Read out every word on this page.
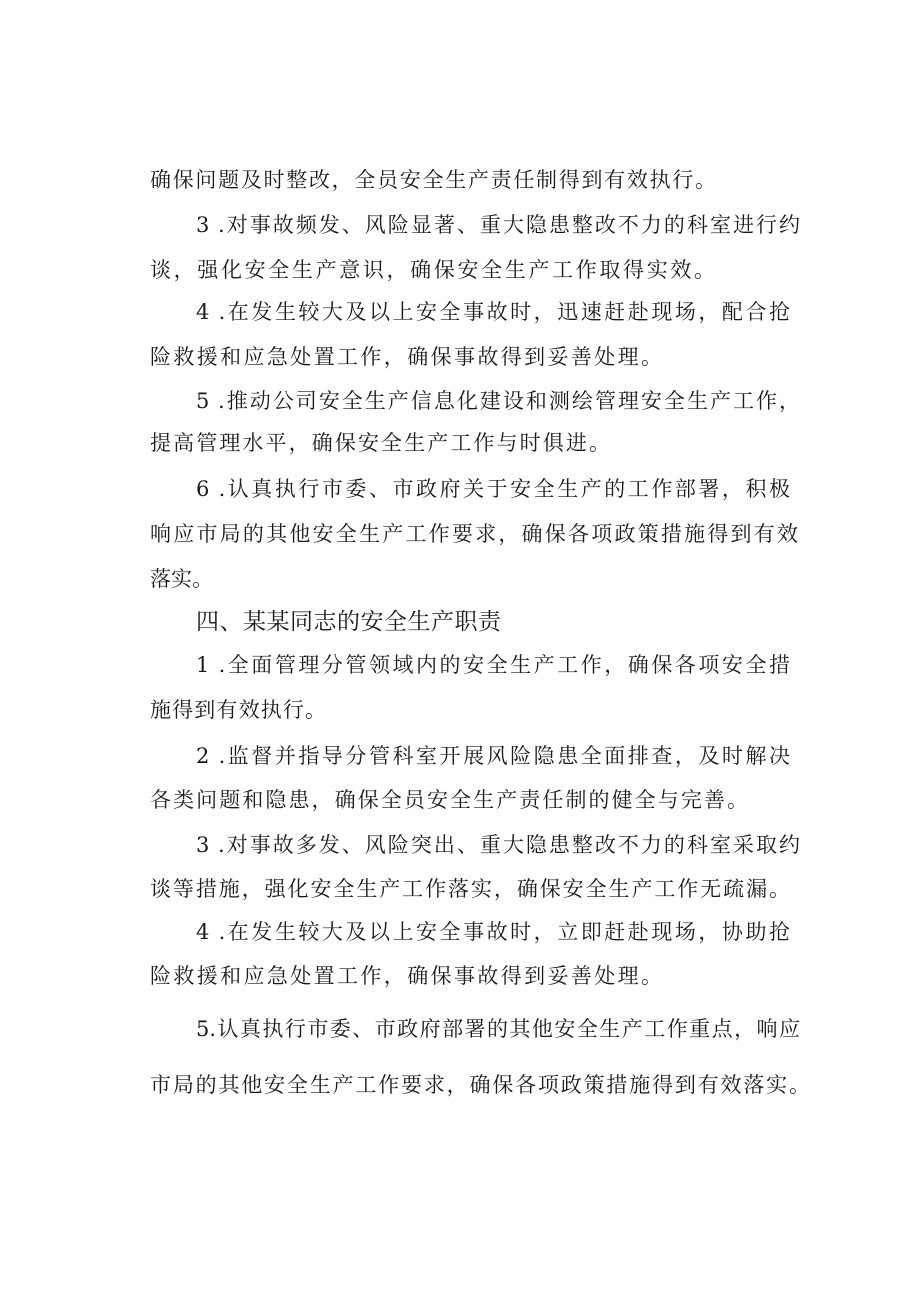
确保问题及时整改，全员安全生产责任制得到有效执行。

3 .对事故频发、风险显著、重大隐患整改不力的科室进行约

谈，强化安全生产意识，确保安全生产工作取得实效。

4 .在发生较大及以上安全事故时，迅速赶赴现场，配合抢

险救援和应急处置工作，确保事故得到妥善处理。

5 .推动公司安全生产信息化建设和测绘管理安全生产工作，

提高管理水平，确保安全生产工作与时俱进。

6 .认真执行市委、市政府关于安全生产的工作部署，积极

响应市局的其他安全生产工作要求，确保各项政策措施得到有效

落实。

四、某某同志的安全生产职责

1 .全面管理分管领域内的安全生产工作，确保各项安全措

施得到有效执行。

2 .监督并指导分管科室开展风险隐患全面排查，及时解决

各类问题和隐患，确保全员安全生产责任制的健全与完善。

3 .对事故多发、风险突出、重大隐患整改不力的科室采取约

谈等措施，强化安全生产工作落实，确保安全生产工作无疏漏。

4 .在发生较大及以上安全事故时，立即赶赴现场，协助抢

险救援和应急处置工作，确保事故得到妥善处理。

5.认真执行市委、市政府部署的其他安全生产工作重点，响应

市局的其他安全生产工作要求，确保各项政策措施得到有效落实。
